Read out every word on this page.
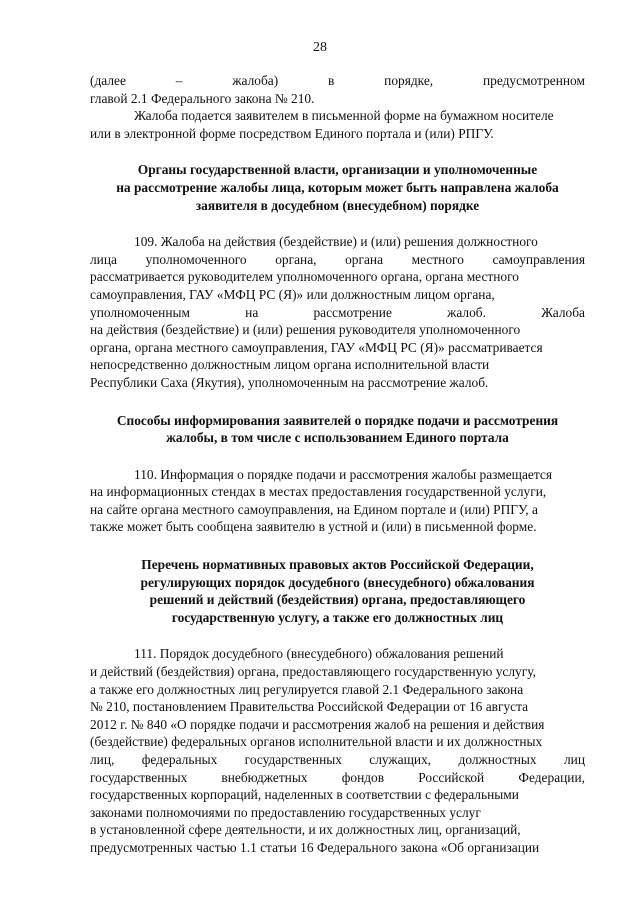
28
(далее	–	жалоба)	в	порядке,	предусмотренном
главой 2.1 Федерального закона № 210.
Жалоба подается заявителем в письменной форме на бумажном носителе
или в электронной форме посредством Единого портала и (или) РПГУ.
Органы государственной власти, организации и уполномоченные
на рассмотрение жалобы лица, которым может быть направлена жалоба
заявителя в досудебном (внесудебном) порядке
109. Жалоба на действия (бездействие) и (или) решения должностного
лица уполномоченного органа, органа местного самоуправления
рассматривается руководителем уполномоченного органа, органа местного
самоуправления, ГАУ «МФЦ РС (Я)» или должностным лицом органа,
уполномоченным	на	рассмотрение	жалоб.	Жалоба
на действия (бездействие) и (или) решения руководителя уполномоченного
органа, органа местного самоуправления, ГАУ «МФЦ РС (Я)» рассматривается
непосредственно должностным лицом органа исполнительной власти
Республики Саха (Якутия), уполномоченным на рассмотрение жалоб.
Способы информирования заявителей о порядке подачи и рассмотрения
жалобы, в том числе с использованием Единого портала
110. Информация о порядке подачи и рассмотрения жалобы размещается
на информационных стендах в местах предоставления государственной услуги,
на сайте органа местного самоуправления, на Едином портале и (или) РПГУ, а
также может быть сообщена заявителю в устной и (или) в письменной форме.
Перечень нормативных правовых актов Российской Федерации,
регулирующих порядок досудебного (внесудебного) обжалования
решений и действий (бездействия) органа, предоставляющего
государственную услугу, а также его должностных лиц
111. Порядок досудебного (внесудебного) обжалования решений
и действий (бездействия) органа, предоставляющего государственную услугу,
а также его должностных лиц регулируется главой 2.1 Федерального закона
№ 210, постановлением Правительства Российской Федерации от 16 августа
2012 г. № 840 «О порядке подачи и рассмотрения жалоб на решения и действия
(бездействие) федеральных органов исполнительной власти и их должностных
лиц, федеральных государственных служащих, должностных лиц
государственных	внебюджетных	фондов	Российской	Федерации,
государственных корпораций, наделенных в соответствии с федеральными
законами полномочиями по предоставлению государственных услуг
в установленной сфере деятельности, и их должностных лиц, организаций,
предусмотренных частью 1.1 статьи 16 Федерального закона «Об организации
